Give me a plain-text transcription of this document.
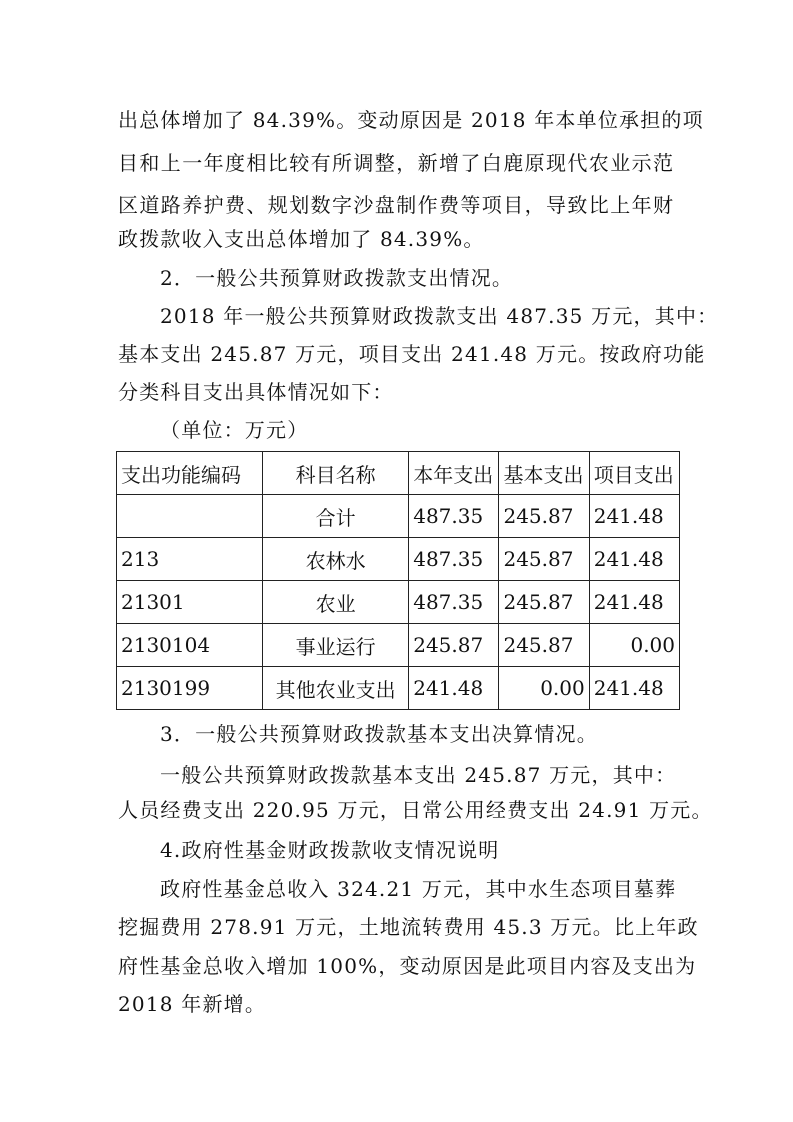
出总体增加了 84.39%。变动原因是 2018 年本单位承担的项
目和上一年度相比较有所调整，新增了白鹿原现代农业示范
区道路养护费、规划数字沙盘制作费等项目，导致比上年财
政拨款收入支出总体增加了 84.39%。
2．一般公共预算财政拨款支出情况。
2018 年一般公共预算财政拨款支出 487.35 万元，其中：
基本支出 245.87 万元，项目支出 241.48 万元。按政府功能
分类科目支出具体情况如下：
（单位：万元）
支出功能编码	科目名称	本年支出	基本支出	项目支出
	合计	487.35	245.87	241.48
213	农林水	487.35	245.87	241.48
21301	农业	487.35	245.87	241.48
2130104	事业运行	245.87	245.87	0.00
2130199	其他农业支出	241.48	0.00	241.48
3．一般公共预算财政拨款基本支出决算情况。
一般公共预算财政拨款基本支出 245.87 万元，其中：
人员经费支出 220.95 万元，日常公用经费支出 24.91 万元。
4.政府性基金财政拨款收支情况说明
政府性基金总收入 324.21 万元，其中水生态项目墓葬
挖掘费用 278.91 万元，土地流转费用 45.3 万元。比上年政
府性基金总收入增加 100%，变动原因是此项目内容及支出为
2018 年新增。
